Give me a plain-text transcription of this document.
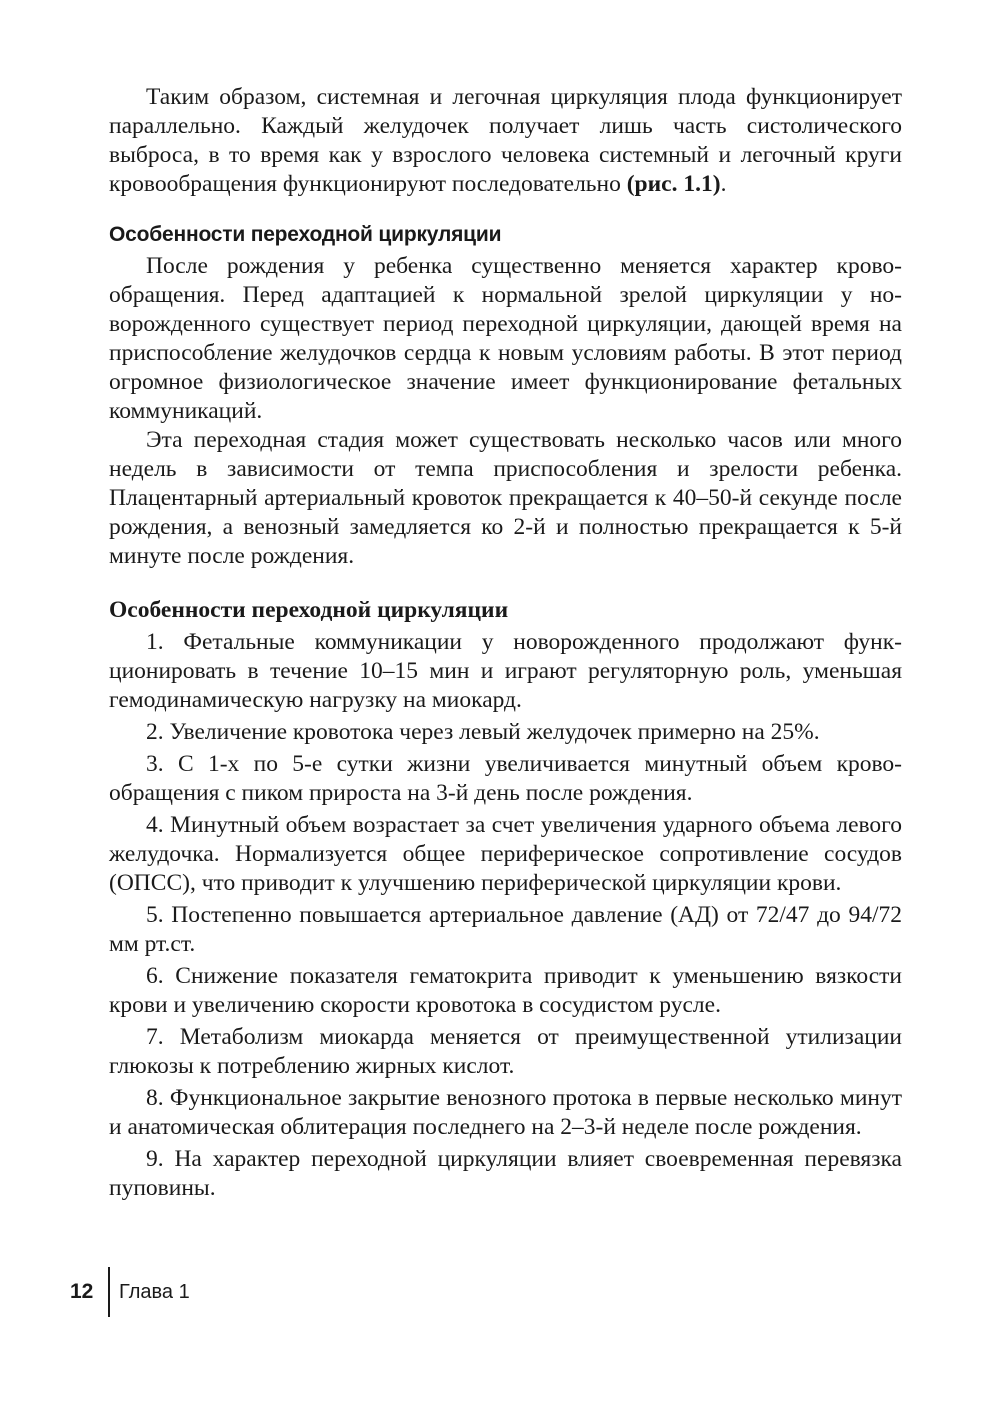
Таким образом, системная и легочная циркуляция плода функционирует параллельно. Каждый желудочек получает лишь часть систолического выброса, в то время как у взрослого человека системный и легочный круги кровообращения функционируют последовательно (рис. 1.1).

Особенности переходной циркуляции

После рождения у ребенка существенно меняется характер кровообращения. Перед адаптацией к нормальной зрелой циркуляции у новорожденного существует период переходной циркуляции, дающей время на приспособление желудочков сердца к новым условиям работы. В этот период огромное физиологическое значение имеет функционирование фетальных коммуникаций.

Эта переходная стадия может существовать несколько часов или много недель в зависимости от темпа приспособления и зрелости ребенка. Плацентарный артериальный кровоток прекращается к 40–50-й секунде после рождения, а венозный замедляется ко 2-й и полностью прекращается к 5-й минуте после рождения.

Особенности переходной циркуляции

1. Фетальные коммуникации у новорожденного продолжают функционировать в течение 10–15 мин и играют регуляторную роль, уменьшая гемодинамическую нагрузку на миокард.

2. Увеличение кровотока через левый желудочек примерно на 25%.

3. С 1-х по 5-е сутки жизни увеличивается минутный объем кровообращения с пиком прироста на 3-й день после рождения.

4. Минутный объем возрастает за счет увеличения ударного объема левого желудочка. Нормализуется общее периферическое сопротивление сосудов (ОПСС), что приводит к улучшению периферической циркуляции крови.

5. Постепенно повышается артериальное давление (АД) от 72/47 до 94/72 мм рт.ст.

6. Снижение показателя гематокрита приводит к уменьшению вязкости крови и увеличению скорости кровотока в сосудистом русле.

7. Метаболизм миокарда меняется от преимущественной утилизации глюкозы к потреблению жирных кислот.

8. Функциональное закрытие венозного протока в первые несколько минут и анатомическая облитерация последнего на 2–3-й неделе после рождения.

9. На характер переходной циркуляции влияет своевременная перевязка пуповины.

12	Глава 1
